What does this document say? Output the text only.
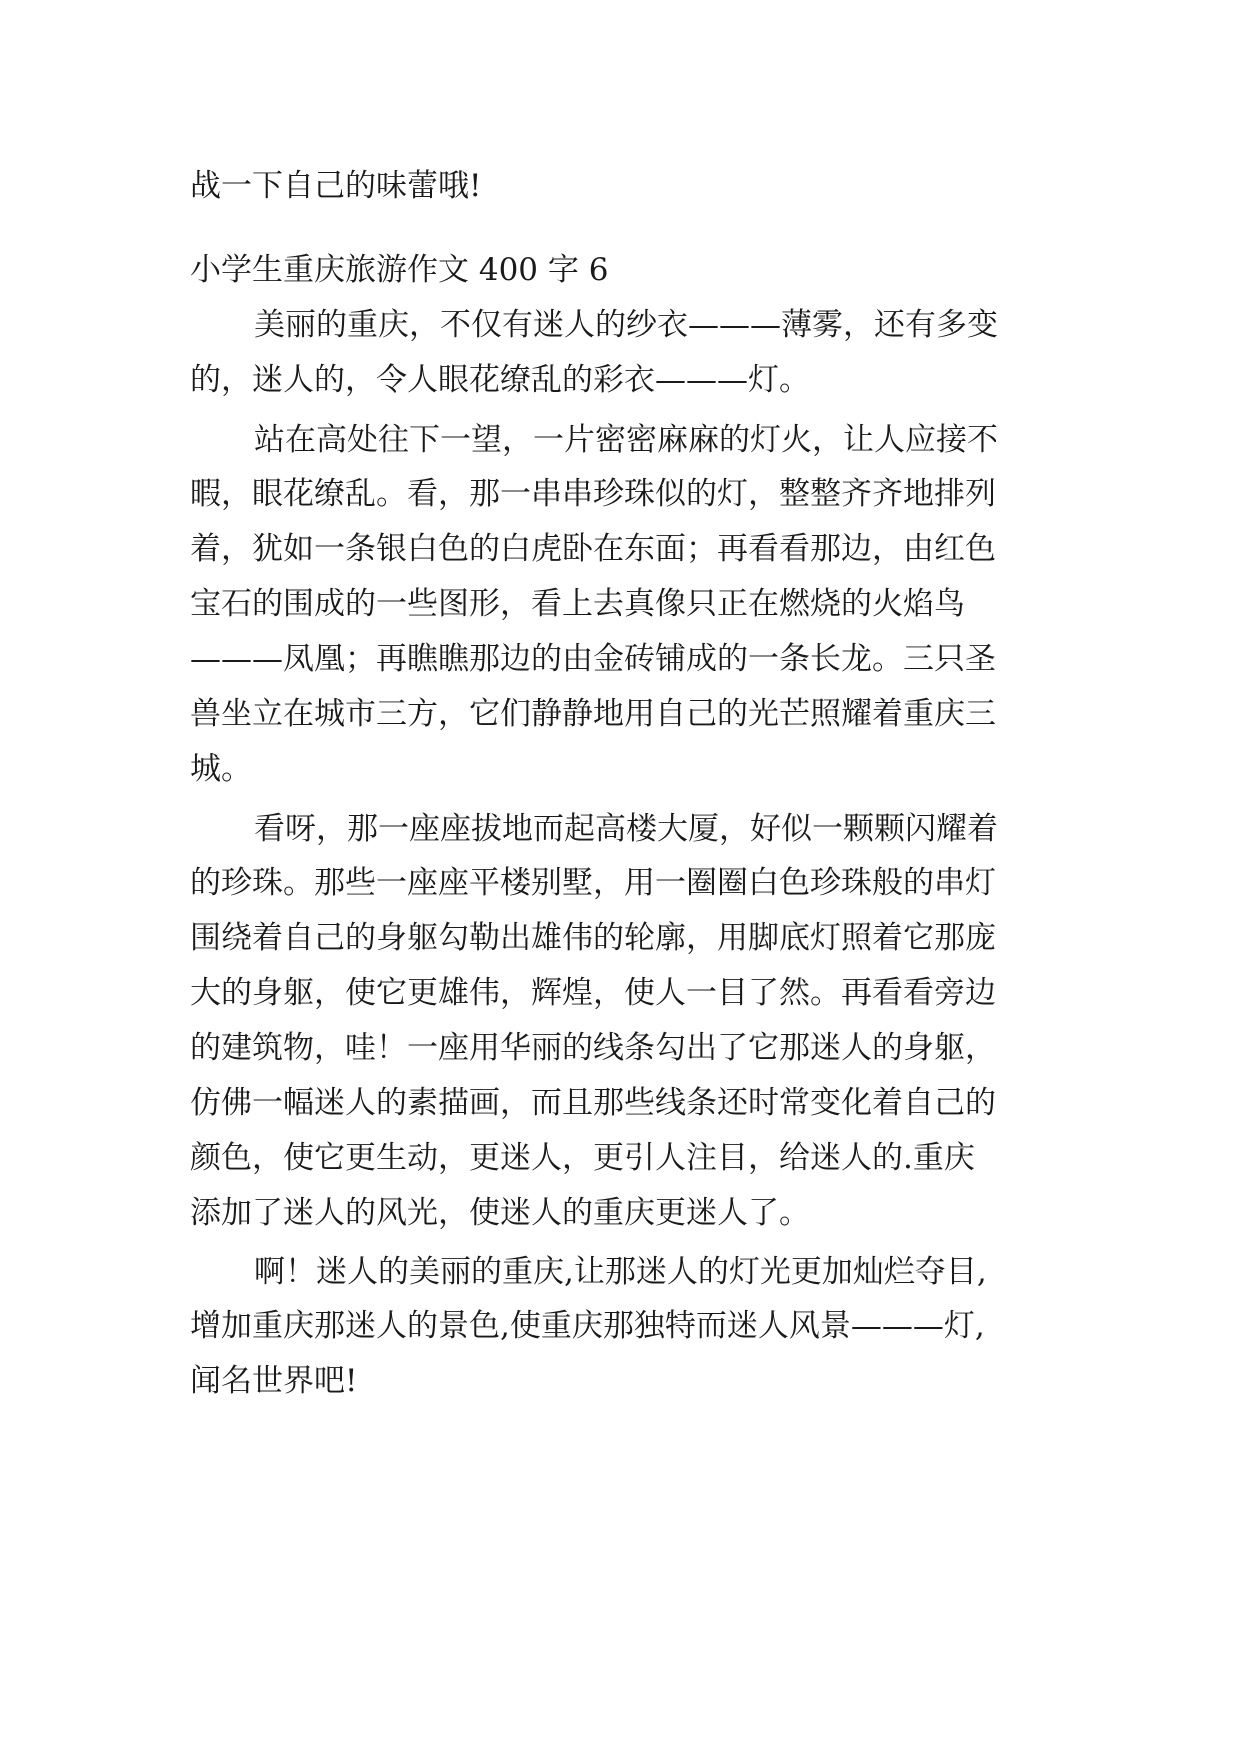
战一下自己的味蕾哦!

小学生重庆旅游作文 400 字 6

美丽的重庆，不仅有迷人的纱衣———薄雾，还有多变

的，迷人的，令人眼花缭乱的彩衣———灯。

站在高处往下一望，一片密密麻麻的灯火，让人应接不

暇，眼花缭乱。看，那一串串珍珠似的灯，整整齐齐地排列

着，犹如一条银白色的白虎卧在东面；再看看那边，由红色

宝石的围成的一些图形，看上去真像只正在燃烧的火焰鸟

———凤凰；再瞧瞧那边的由金砖铺成的一条长龙。三只圣

兽坐立在城市三方，它们静静地用自己的光芒照耀着重庆三

城。

看呀，那一座座拔地而起高楼大厦，好似一颗颗闪耀着

的珍珠。那些一座座平楼别墅，用一圈圈白色珍珠般的串灯

围绕着自己的身躯勾勒出雄伟的轮廓，用脚底灯照着它那庞

大的身躯，使它更雄伟，辉煌，使人一目了然。再看看旁边

的建筑物，哇！一座用华丽的线条勾出了它那迷人的身躯，

仿佛一幅迷人的素描画，而且那些线条还时常变化着自己的

颜色，使它更生动，更迷人，更引人注目，给迷人的.重庆

添加了迷人的风光，使迷人的重庆更迷人了。

啊！迷人的美丽的重庆,让那迷人的灯光更加灿烂夺目,

增加重庆那迷人的景色,使重庆那独特而迷人风景———灯,

闻名世界吧!
